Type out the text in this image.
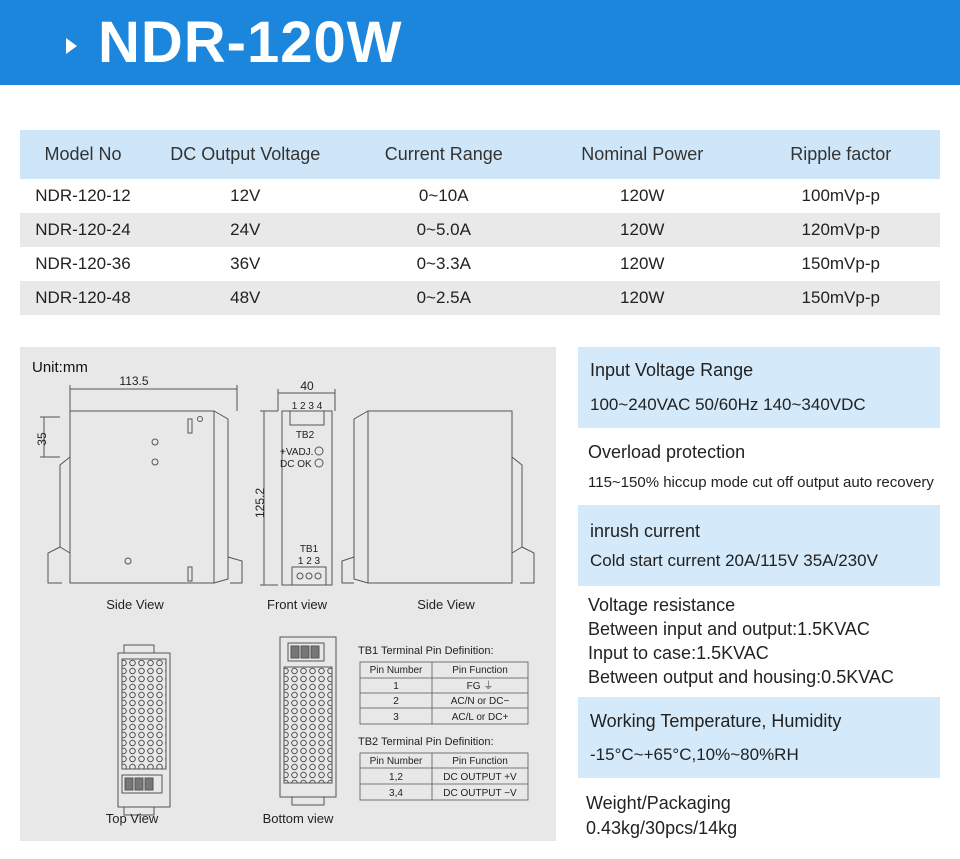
NDR-120W
Model No	DC Output Voltage	Current Range	Nominal Power	Ripple factor
NDR-120-12	12V	0~10A	120W	100mVp-p
NDR-120-24	24V	0~5.0A	120W	120mVp-p
NDR-120-36	36V	0~3.3A	120W	150mVp-p
NDR-120-48	48V	0~2.5A	120W	150mVp-p
Unit:mm
113.5
35
Side View
40
1 2 3 4
TB2
+VADJ.
DC OK
TB1
1 2 3
125.2
Front view	Side View
Top View	Bottom view
TB1 Terminal Pin Definition:
Pin Number	Pin Function
1	FG ⏚
2	AC/N or DC−
3	AC/L or DC+
TB2 Terminal Pin Definition:
Pin Number	Pin Function
1,2	DC OUTPUT +V
3,4	DC OUTPUT −V
Input Voltage Range
100~240VAC 50/60Hz 140~340VDC
Overload protection
115~150% hiccup mode cut off output auto recovery
inrush current
Cold start current 20A/115V 35A/230V
Voltage resistance
Between input and output:1.5KVAC
Input to case:1.5KVAC
Between output and housing:0.5KVAC
Working Temperature, Humidity
-15°C~+65°C,10%~80%RH
Weight/Packaging
0.43kg/30pcs/14kg
